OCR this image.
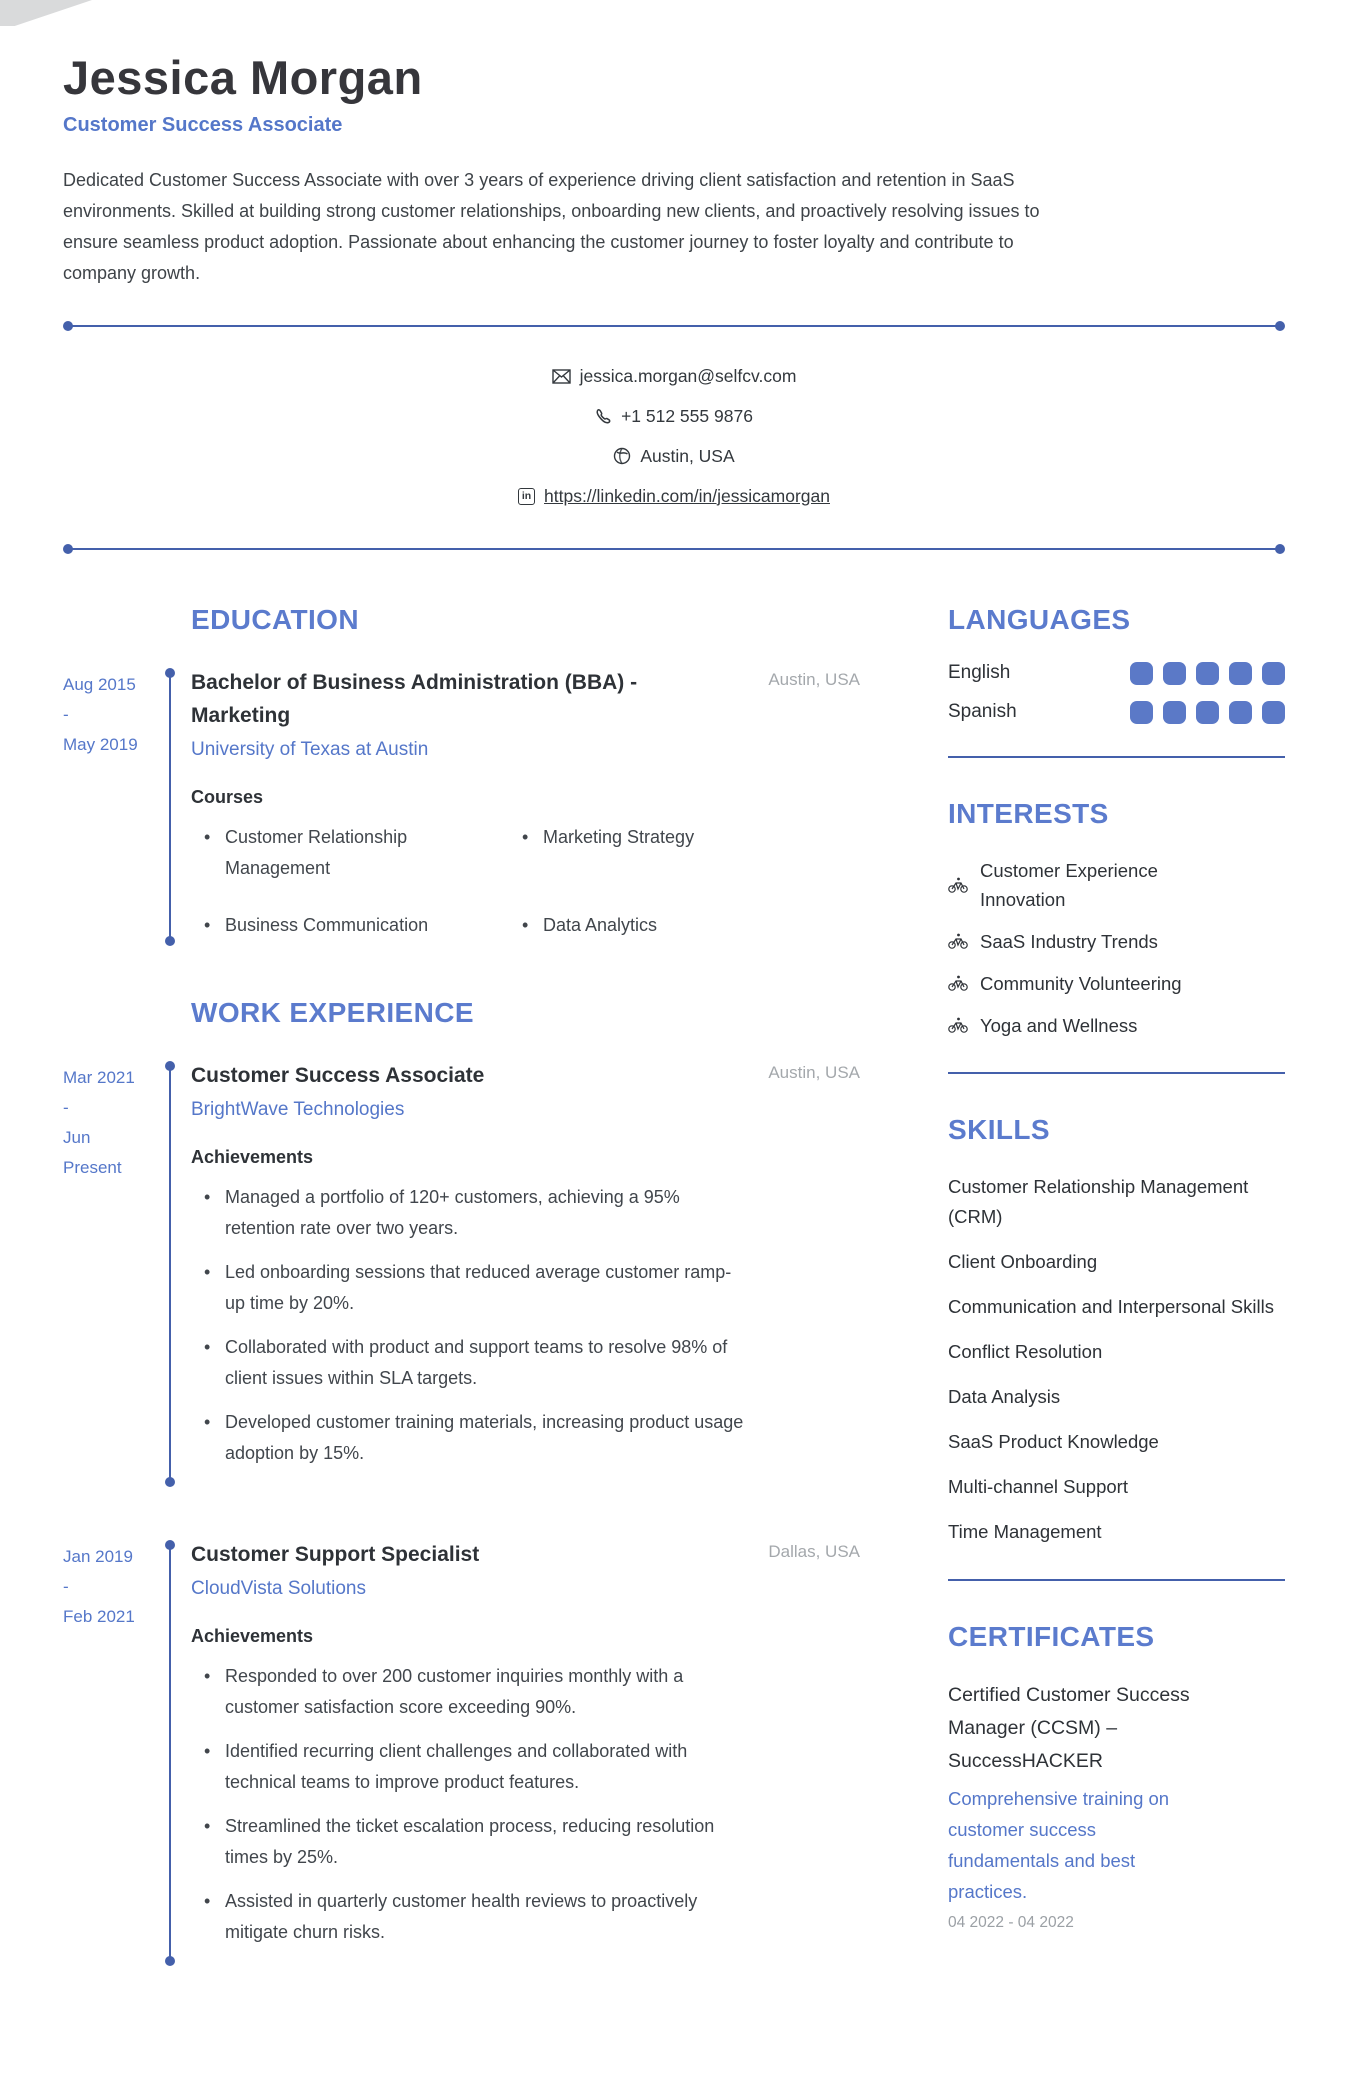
Jessica Morgan
Customer Success Associate

Dedicated Customer Success Associate with over 3 years of experience driving client satisfaction and retention in SaaS environments. Skilled at building strong customer relationships, onboarding new clients, and proactively resolving issues to ensure seamless product adoption. Passionate about enhancing the customer journey to foster loyalty and contribute to company growth.

jessica.morgan@selfcv.com
+1 512 555 9876
Austin, USA
in https://linkedin.com/in/jessicamorgan
EDUCATION
Aug 2015
-
May 2019
Bachelor of Business Administration (BBA) - Marketing
Austin, USA
University of Texas at Austin
Courses
• Customer Relationship Management
• Marketing Strategy
• Business Communication	• Data Analytics
WORK EXPERIENCE
Mar 2021
-
Jun
Present
Customer Success Associate	Austin, USA
BrightWave Technologies
Achievements
• Managed a portfolio of 120+ customers, achieving a 95% retention rate over two years.
• Led onboarding sessions that reduced average customer ramp-up time by 20%.
• Collaborated with product and support teams to resolve 98% of client issues within SLA targets.
• Developed customer training materials, increasing product usage adoption by 15%.
Jan 2019
-
Feb 2021
Customer Support Specialist	Dallas, USA
CloudVista Solutions
Achievements
• Responded to over 200 customer inquiries monthly with a customer satisfaction score exceeding 90%.
• Identified recurring client challenges and collaborated with technical teams to improve product features.
• Streamlined the ticket escalation process, reducing resolution times by 25%.
• Assisted in quarterly customer health reviews to proactively mitigate churn risks.
LANGUAGES
English
Spanish
INTERESTS
Customer Experience Innovation
SaaS Industry Trends
Community Volunteering
Yoga and Wellness
SKILLS
Customer Relationship Management (CRM)
Client Onboarding
Communication and Interpersonal Skills
Conflict Resolution
Data Analysis
SaaS Product Knowledge
Multi-channel Support
Time Management
CERTIFICATES
Certified Customer Success Manager (CCSM) – SuccessHACKER
Comprehensive training on customer success fundamentals and best practices.
04 2022 - 04 2022
